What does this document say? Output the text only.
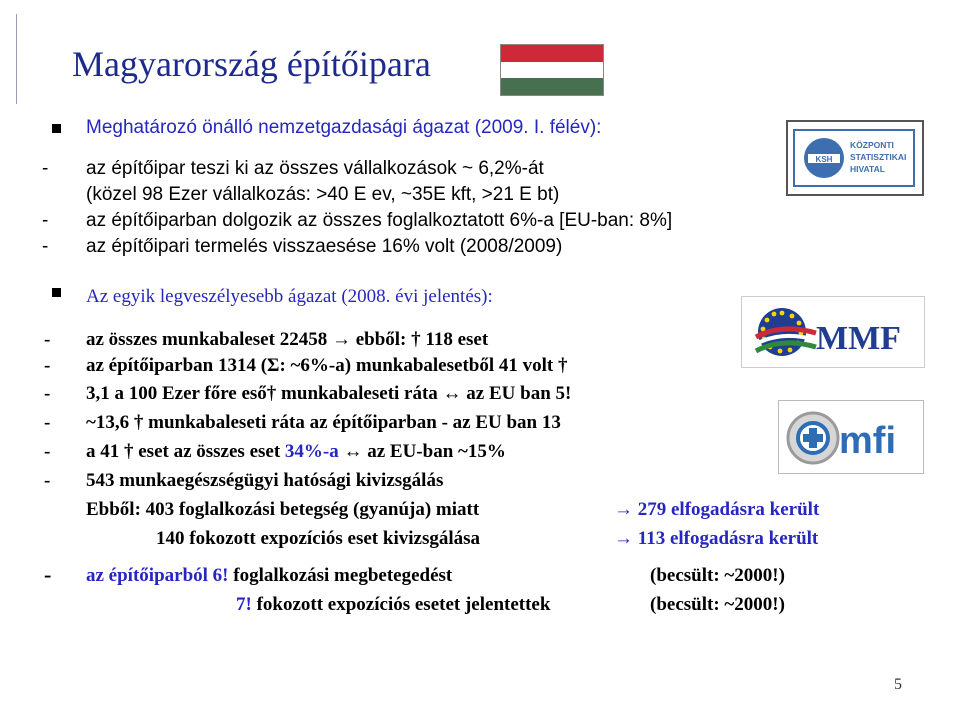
Magyarország építőipara
KSH
KÖZPONTI
STATISZTIKAI
HIVATAL
MMF
mfi
Meghatározó önálló nemzetgazdasági ágazat (2009. I. félév):
- az építőipar teszi ki az összes vállalkozások ~ 6,2%-át
(közel 98 Ezer vállalkozás: >40 E ev, ~35E kft, >21 E bt)
- az építőiparban dolgozik az összes foglalkoztatott 6%-a [EU-ban: 8%]
- az építőipari termelés visszaesése 16% volt (2008/2009)
Az egyik legveszélyesebb ágazat (2008. évi jelentés):
- az összes munkabaleset 22458 → ebből: † 118 eset
- az építőiparban 1314 (Σ: ~6%-a) munkabalesetből 41 volt †
- 3,1 a 100 Ezer főre eső† munkabaleseti ráta ↔ az EU ban 5!
- ~13,6 † munkabaleseti ráta az építőiparban - az EU ban 13
- a 41 † eset az összes eset 34%-a ↔ az EU-ban ~15%
- 543 munkaegészségügyi hatósági kivizsgálás
Ebből: 403 foglalkozási betegség (gyanúja) miatt	→ 279 elfogadásra került
140 fokozott expozíciós eset kivizsgálása	→ 113 elfogadásra került
- az építőiparból 6! foglalkozási megbetegedést	(becsült: ~2000!)
7! fokozott expozíciós esetet jelentettek	(becsült: ~2000!)
5
